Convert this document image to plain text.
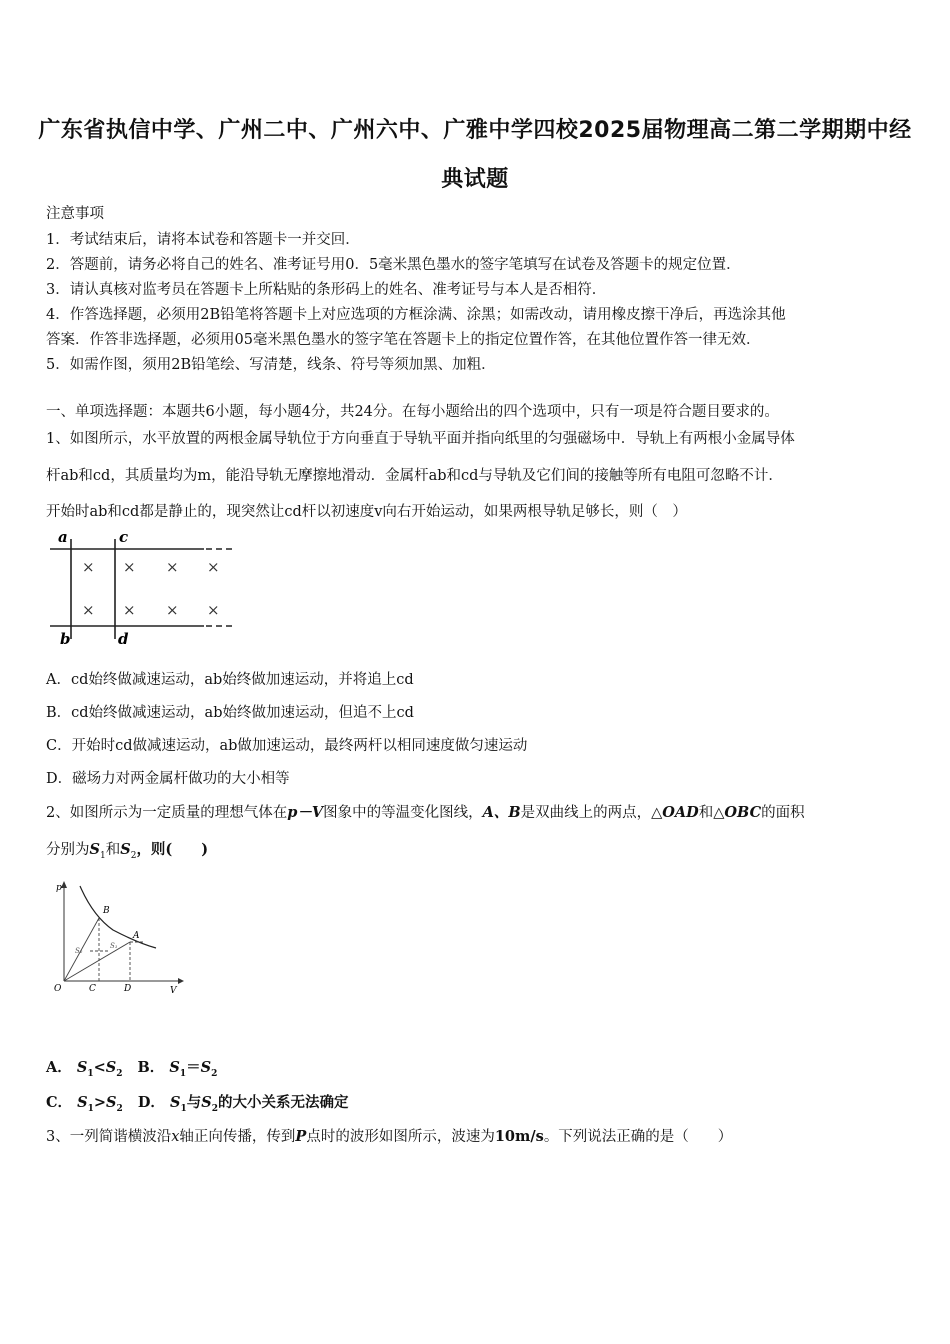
广东省执信中学、广州二中、广州六中、广雅中学四校2025届物理高二第二学期期中经
典试题
注意事项
1．考试结束后，请将本试卷和答题卡一并交回．
2．答题前，请务必将自己的姓名、准考证号用0．5毫米黑色墨水的签字笔填写在试卷及答题卡的规定位置．
3．请认真核对监考员在答题卡上所粘贴的条形码上的姓名、准考证号与本人是否相符．
4．作答选择题，必须用2B铅笔将答题卡上对应选项的方框涂满、涂黑；如需改动，请用橡皮擦干净后，再选涂其他
答案．作答非选择题，必须用05毫米黑色墨水的签字笔在答题卡上的指定位置作答，在其他位置作答一律无效．
5．如需作图，须用2B铅笔绘、写清楚，线条、符号等须加黑、加粗．
一、单项选择题：本题共6小题，每小题4分，共24分。在每小题给出的四个选项中，只有一项是符合题目要求的。
1、如图所示，水平放置的两根金属导轨位于方向垂直于导轨平面并指向纸里的匀强磁场中．导轨上有两根小金属导体
杆ab和cd，其质量均为m，能沿导轨无摩擦地滑动．金属杆ab和cd与导轨及它们间的接触等所有电阻可忽略不计．
开始时ab和cd都是静止的，现突然让cd杆以初速度v向右开始运动，如果两根导轨足够长，则（　）
a	c
b	d
× × × ×
× × × ×
A．cd始终做减速运动，ab始终做加速运动，并将追上cd
B．cd始终做减速运动，ab始终做加速运动，但追不上cd
C．开始时cd做减速运动，ab做加速运动，最终两杆以相同速度做匀速运动
D．磁场力对两金属杆做功的大小相等
2、如图所示为一定质量的理想气体在p－V图象中的等温变化图线，A、B是双曲线上的两点，△OAD和△OBC的面积
分别为$S_1$和$S_2$，则(　　)
p
V
O
B
A
C	D
S₁
S₂
A． $S_1<S_2$ B． $S_1=S_2$
C． $S_1>S_2$ D． $S_1$与$S_2$的大小关系无法确定
3、一列简谐横波沿x轴正向传播，传到P点时的波形如图所示，波速为10m/s。下列说法正确的是（　　）
